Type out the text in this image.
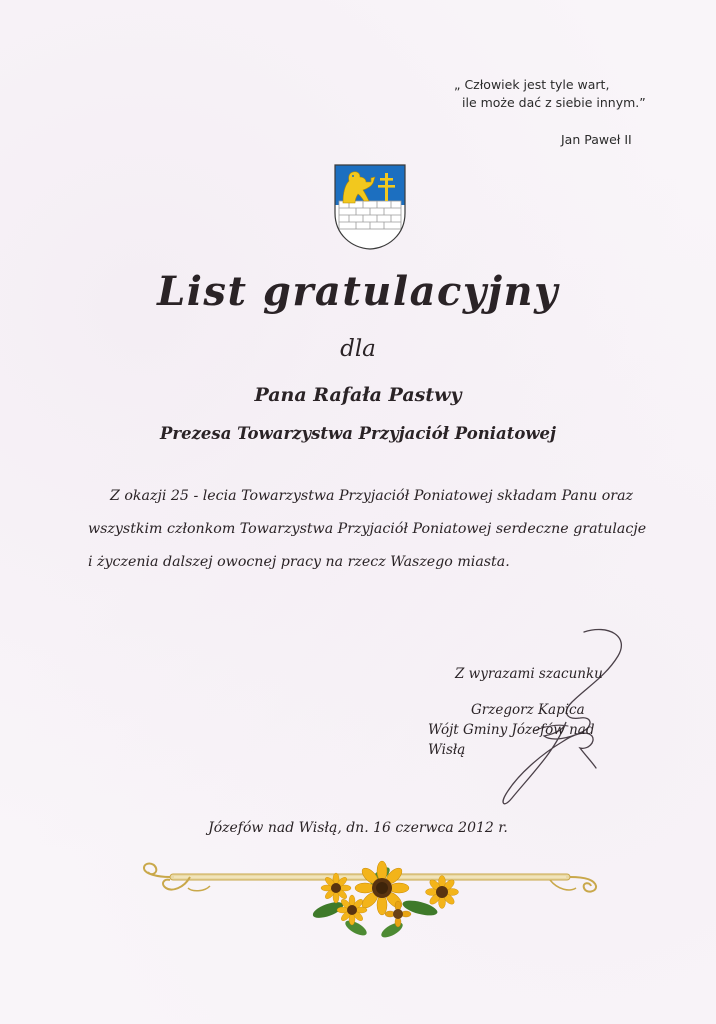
„ Człowiek jest tyle wart,
ile może dać z siebie innym.”
Jan Paweł II
List gratulacyjny
dla
Pana Rafała Pastwy
Prezesa Towarzystwa Przyjaciół Poniatowej
Z okazji 25 - lecia Towarzystwa Przyjaciół Poniatowej składam Panu oraz
wszystkim członkom Towarzystwa Przyjaciół Poniatowej serdeczne gratulacje
i życzenia dalszej owocnej pracy na rzecz Waszego miasta.
Z wyrazami szacunku
Grzegorz Kapica
Wójt Gminy Józefów nad Wisłą
Józefów nad Wisłą, dn. 16 czerwca 2012 r.
